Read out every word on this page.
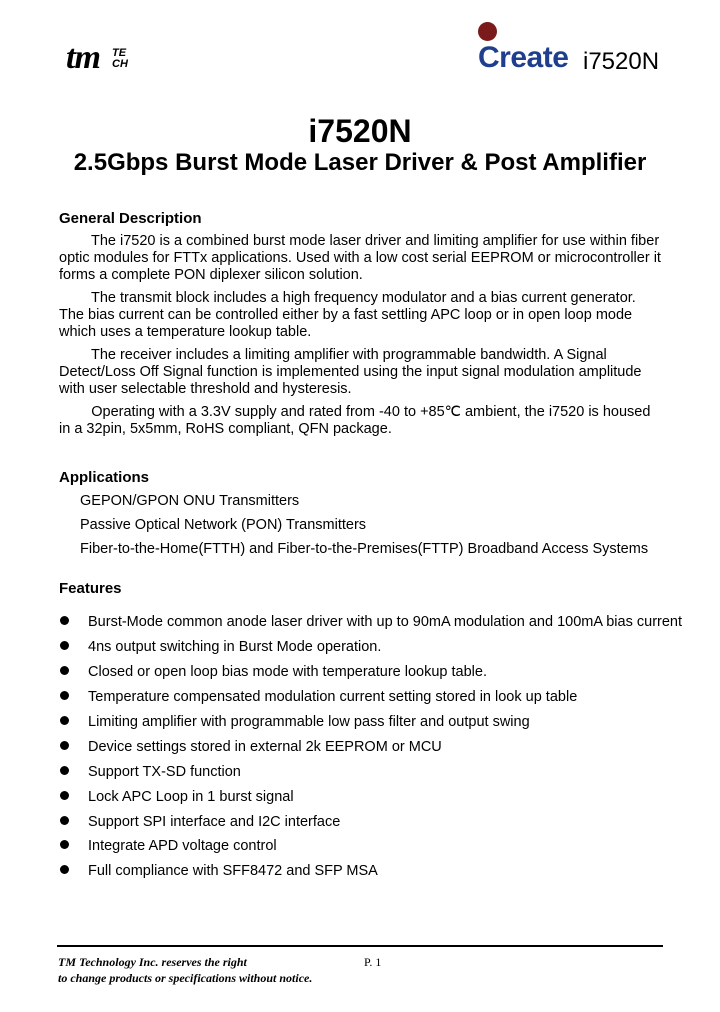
tm TE
CH	Create i7520N
i7520N
2.5Gbps Burst Mode Laser Driver & Post Amplifier
General Description
The i7520 is a combined burst mode laser driver and limiting amplifier for use within fiber
optic modules for FTTx applications. Used with a low cost serial EEPROM or microcontroller it
forms a complete PON diplexer silicon solution.
The transmit block includes a high frequency modulator and a bias current generator.
The bias current can be controlled either by a fast settling APC loop or in open loop mode
which uses a temperature lookup table.
The receiver includes a limiting amplifier with programmable bandwidth. A Signal
Detect/Loss Off Signal function is implemented using the input signal modulation amplitude
with user selectable threshold and hysteresis.
Operating with a 3.3V supply and rated from -40 to +85℃ ambient, the i7520 is housed
in a 32pin, 5x5mm, RoHS compliant, QFN package.
Applications
GEPON/GPON ONU Transmitters
Passive Optical Network (PON) Transmitters
Fiber-to-the-Home(FTTH) and Fiber-to-the-Premises(FTTP) Broadband Access Systems
Features
Burst-Mode common anode laser driver with up to 90mA modulation and 100mA bias current
4ns output switching in Burst Mode operation.
Closed or open loop bias mode with temperature lookup table.
Temperature compensated modulation current setting stored in look up table
Limiting amplifier with programmable low pass filter and output swing
Device settings stored in external 2k EEPROM or MCU
Support TX-SD function
Lock APC Loop in 1 burst signal
Support SPI interface and I2C interface
Integrate APD voltage control
Full compliance with SFF8472 and SFP MSA
TM Technology Inc. reserves the right
to change products or specifications without notice.
P. 1
